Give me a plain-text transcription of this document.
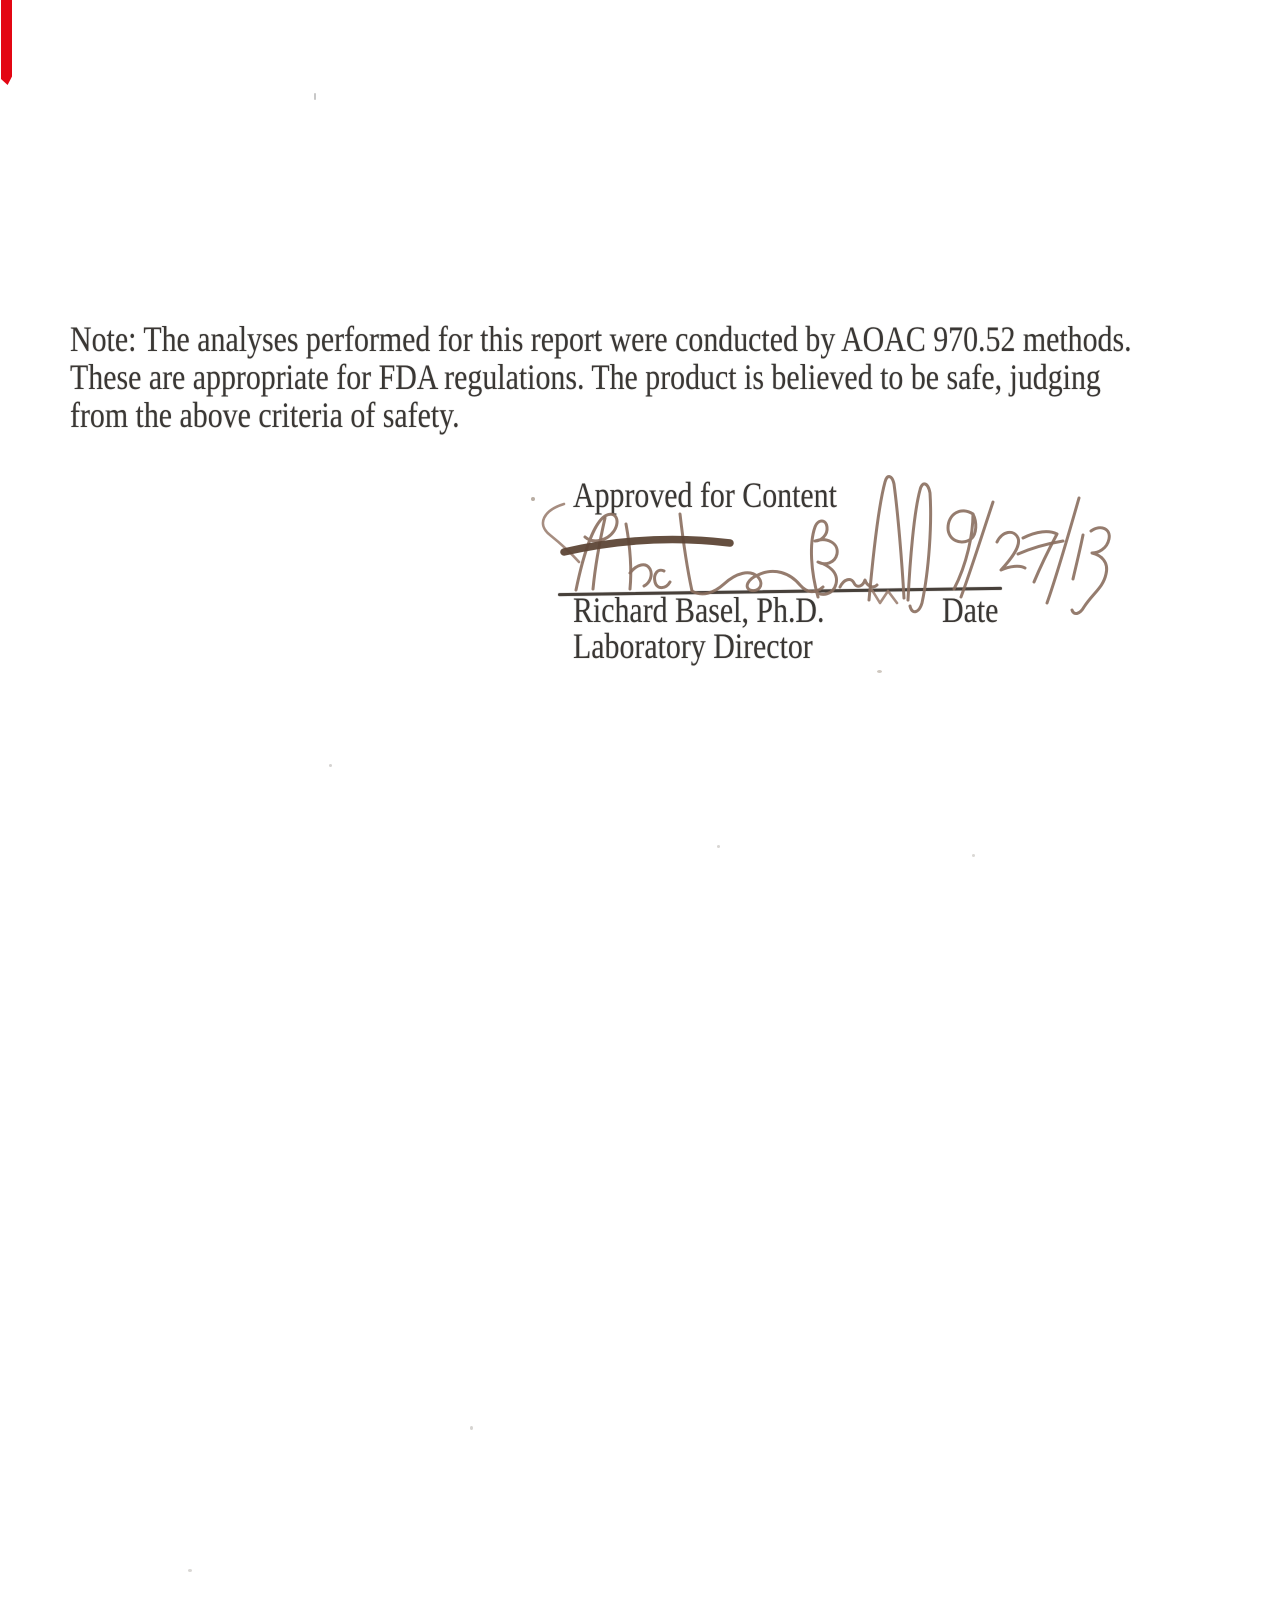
Note: The analyses performed for this report were conducted by AOAC 970.52 methods.
These are appropriate for FDA regulations. The product is believed to be safe, judging
from the above criteria of safety.
Approved for Content
Richard Basel, Ph.D.	Date
Laboratory Director
